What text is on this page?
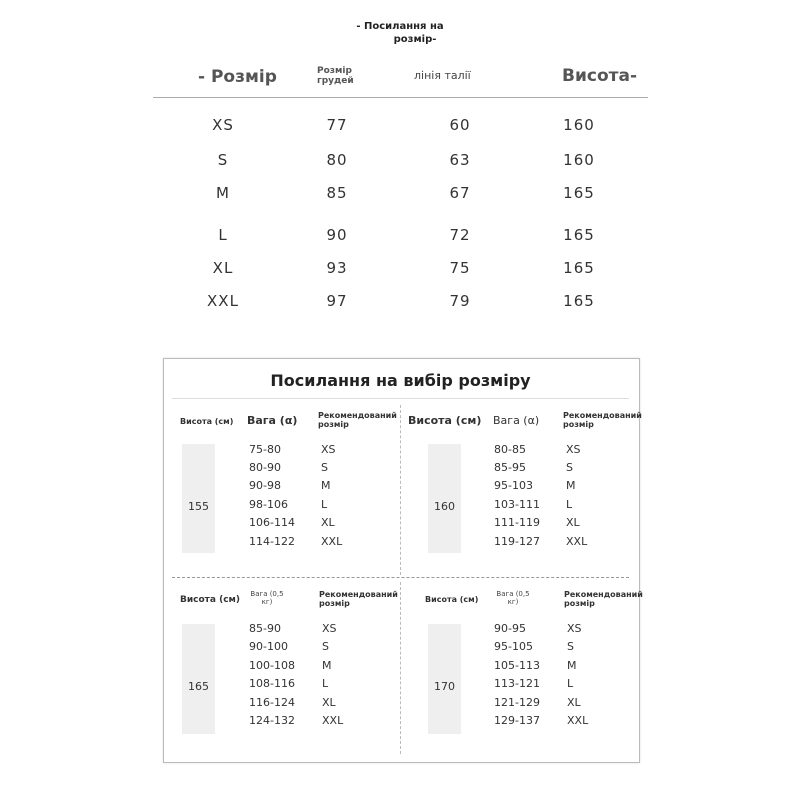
- Посилання на
розмір-
- Розмір	Розмір
грудей	лінія талії	Висота-
XS	77	60	160
S	80	63	160
M	85	67	165
L	90	72	165
XL	93	75	165
XXL	97	79	165
Посилання на вибір розміру
Висота (см) Вага (α)	Рекомендований
розмір
155
75-80	XS
80-90	S
90-98	M
98-106	L
106-114 XL
114-122 XXL
Висота (см) Вага (α)	Рекомендований
розмір
160
80-85	XS
85-95	S
95-103	M
103-111 L
111-119 XL
119-127 XXL
Висота (см)
Вага (0,5
кг)
Рекомендований
розмір
165
85-90	XS
90-100	S
100-108 M
108-116 L
116-124 XL
124-132 XXL
Висота (см)
Вага (0,5
кг)
Рекомендований
розмір
170
90-95	XS
95-105	S
105-113 M
113-121 L
121-129 XL
129-137 XXL
